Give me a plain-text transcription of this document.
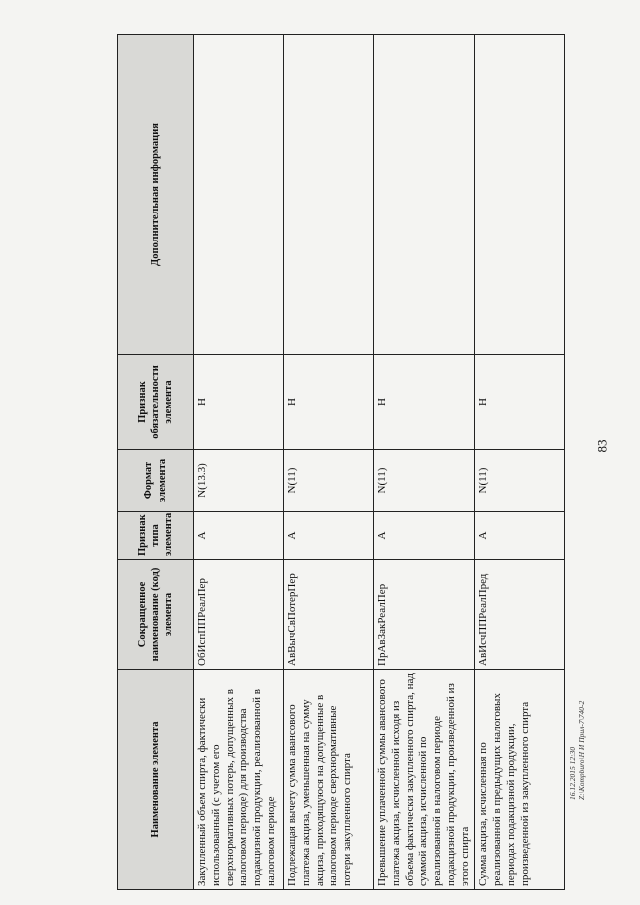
83
16.12.2015 12:30 Z:\Kompburo\Н И Прил-7\740-2
Наименование элемента	Сокращенное наименование (код) элемента	Признак типа элемента	Формат элемента	Признак обязательности элемента	Дополнительная информация
Закупленный объем спирта, фактически использованный (с учетом его сверхнормативных потерь, допущенных в налоговом периоде) для производства подакцизной продукции, реализованной в налоговом периоде	ОбИспППРеалПер	А	N(13.3)	Н	
Подлежащая вычету сумма авансового платежа акциза, уменьшенная на сумму акциза, приходящуюся на допущенные в налоговом периоде сверхнормативные потери закупленного спирта	АвВычСвПотерПер	А	N(11)	Н	
Превышение уплаченной суммы авансового платежа акциза, исчисленной исходя из объема фактически закупленного спирта, над суммой акциза, исчисленной по реализованной в налоговом периоде подакцизной продукции, произведенной из этого спирта	ПрАвЗакРеалПер	А	N(11)	Н	
Сумма акциза, исчисленная по реализованной в предыдущих налоговых периодах подакцизной продукции, произведенной из закупленного спирта	АвИсчППРеалПред	А	N(11)	Н	
